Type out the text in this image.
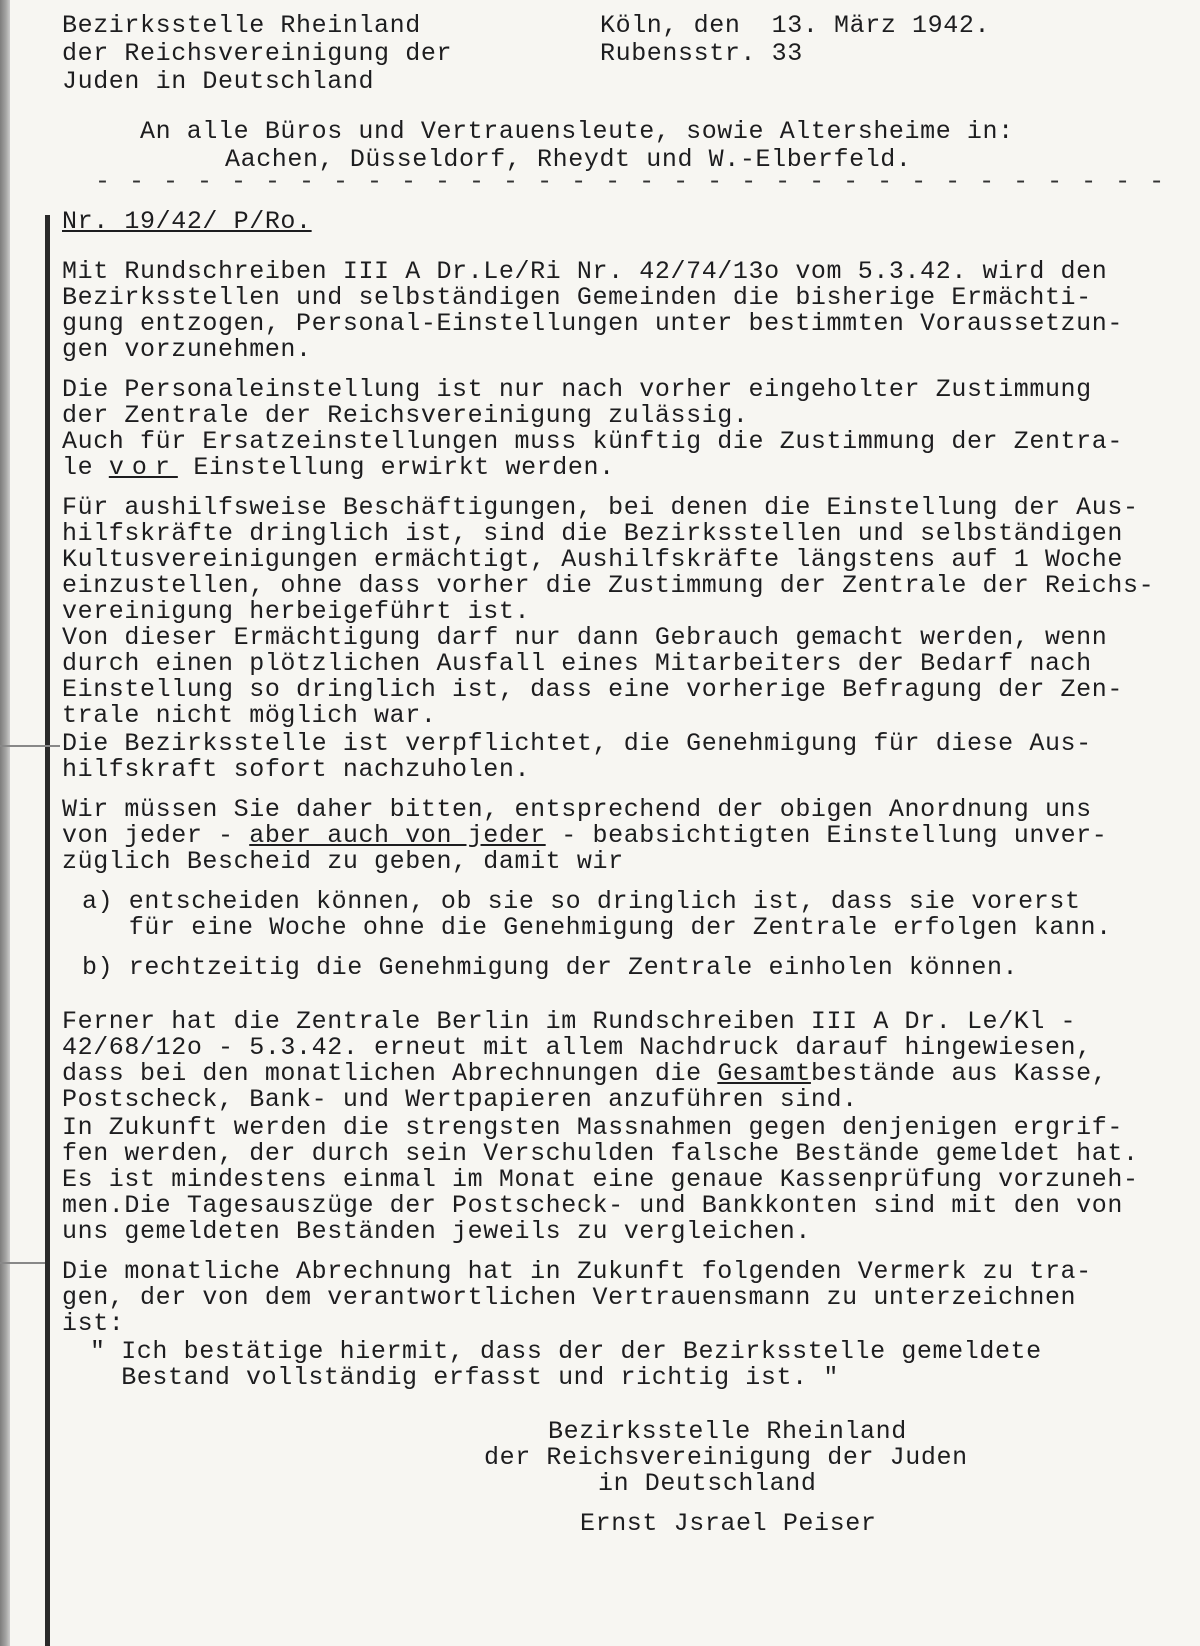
Bezirksstelle Rheinland
der Reichsvereinigung der
Juden in Deutschland
Köln, den  13. März 1942.
Rubensstr. 33
An alle Büros und Vertrauensleute, sowie Altersheime in:
Aachen, Düsseldorf, Rheydt und W.-Elberfeld.
- - - - - - - - - - - - - - - - - - - - - - - - - - - - - - - -
Nr. 19/42/ P/Ro.
Mit Rundschreiben III A Dr.Le/Ri Nr. 42/74/13o vom 5.3.42. wird den
Bezirksstellen und selbständigen Gemeinden die bisherige Ermächti-
gung entzogen, Personal-Einstellungen unter bestimmten Voraussetzun-
gen vorzunehmen.
Die Personaleinstellung ist nur nach vorher eingeholter Zustimmung
der Zentrale der Reichsvereinigung zulässig.
Auch für Ersatzeinstellungen muss künftig die Zustimmung der Zentra-
le vor Einstellung erwirkt werden.
Für aushilfsweise Beschäftigungen, bei denen die Einstellung der Aus-
hilfskräfte dringlich ist, sind die Bezirksstellen und selbständigen
Kultusvereinigungen ermächtigt, Aushilfskräfte längstens auf 1 Woche
einzustellen, ohne dass vorher die Zustimmung der Zentrale der Reichs-
vereinigung herbeigeführt ist.
Von dieser Ermächtigung darf nur dann Gebrauch gemacht werden, wenn
durch einen plötzlichen Ausfall eines Mitarbeiters der Bedarf nach
Einstellung so dringlich ist, dass eine vorherige Befragung der Zen-
trale nicht möglich war.
Die Bezirksstelle ist verpflichtet, die Genehmigung für diese Aus-
hilfskraft sofort nachzuholen.
Wir müssen Sie daher bitten, entsprechend der obigen Anordnung uns
von jeder - aber auch von jeder - beabsichtigten Einstellung unver-
züglich Bescheid zu geben, damit wir
a) entscheiden können, ob sie so dringlich ist, dass sie vorerst
für eine Woche ohne die Genehmigung der Zentrale erfolgen kann.
b) rechtzeitig die Genehmigung der Zentrale einholen können.
Ferner hat die Zentrale Berlin im Rundschreiben III A Dr. Le/Kl -
42/68/12o - 5.3.42. erneut mit allem Nachdruck darauf hingewiesen,
dass bei den monatlichen Abrechnungen die Gesamtbestände aus Kasse,
Postscheck, Bank- und Wertpapieren anzuführen sind.
In Zukunft werden die strengsten Massnahmen gegen denjenigen ergrif-
fen werden, der durch sein Verschulden falsche Bestände gemeldet hat.
Es ist mindestens einmal im Monat eine genaue Kassenprüfung vorzuneh-
men.Die Tagesauszüge der Postscheck- und Bankkonten sind mit den von
uns gemeldeten Beständen jeweils zu vergleichen.
Die monatliche Abrechnung hat in Zukunft folgenden Vermerk zu tra-
gen, der von dem verantwortlichen Vertrauensmann zu unterzeichnen
ist:
" Ich bestätige hiermit, dass der der Bezirksstelle gemeldete
Bestand vollständig erfasst und richtig ist. "
Bezirksstelle Rheinland
der Reichsvereinigung der Juden
in Deutschland
Ernst Jsrael Peiser
